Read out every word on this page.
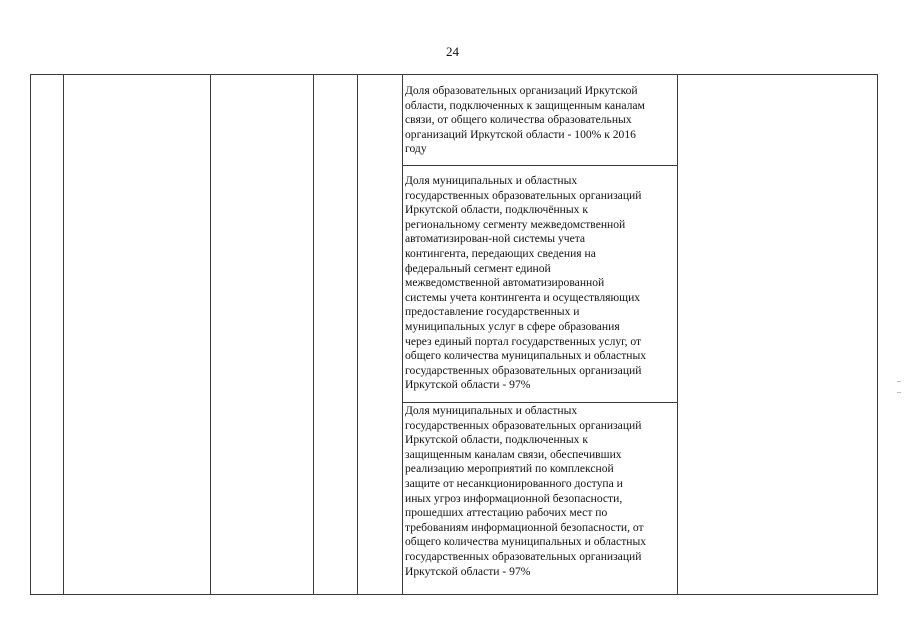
24
Доля образовательных организаций Иркутской
области, подключенных к защищенным каналам
связи, от общего количества образовательных
организаций Иркутской области - 100% к 2016
году
Доля муниципальных и областных
государственных образовательных организаций
Иркутской области, подключённых к
региональному сегменту межведомственной
автоматизирован-ной системы учета
контингента, передающих сведения на
федеральный сегмент единой
межведомственной автоматизированной
системы учета контингента и осуществляющих
предоставление государственных и
муниципальных услуг в сфере образования
через единый портал государственных услуг, от
общего количества муниципальных и областных
государственных образовательных организаций
Иркутской области - 97%
Доля муниципальных и областных
государственных образовательных организаций
Иркутской области, подключенных к
защищенным каналам связи, обеспечивших
реализацию мероприятий по комплексной
защите от несанкционированного доступа и
иных угроз информационной безопасности,
прошедших аттестацию рабочих мест по
требованиям информационной безопасности, от
общего количества муниципальных и областных
государственных образовательных организаций
Иркутской области - 97%
